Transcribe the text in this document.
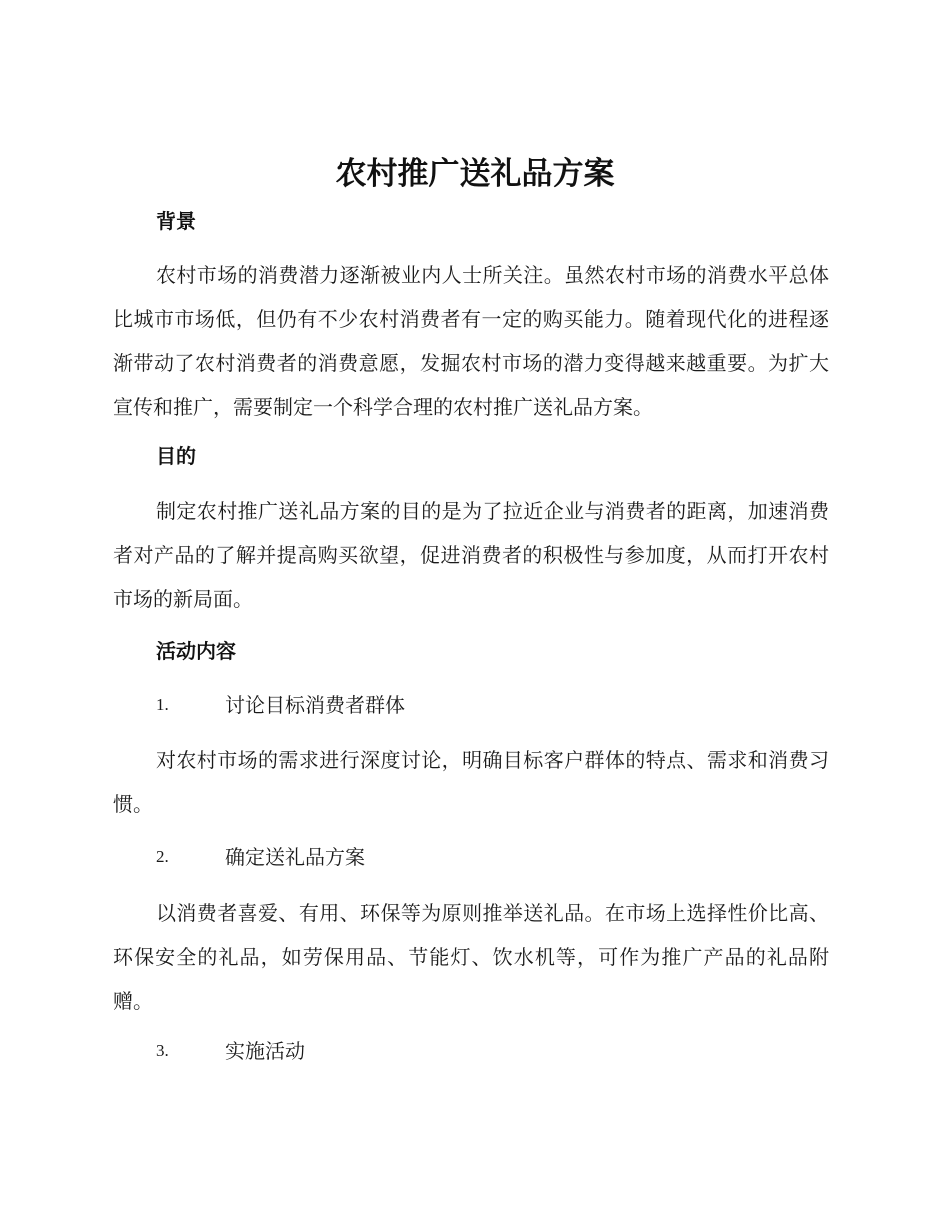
农村推广送礼品方案
背景

农村市场的消费潜力逐渐被业内人士所关注。虽然农村市场的消费水平总体比城市市场低，但仍有不少农村消费者有一定的购买能力。随着现代化的进程逐渐带动了农村消费者的消费意愿，发掘农村市场的潜力变得越来越重要。为扩大宣传和推广，需要制定一个科学合理的农村推广送礼品方案。

目的

制定农村推广送礼品方案的目的是为了拉近企业与消费者的距离，加速消费者对产品的了解并提高购买欲望，促进消费者的积极性与参加度，从而打开农村市场的新局面。

活动内容
1.	讨论目标消费者群体

对农村市场的需求进行深度讨论，明确目标客户群体的特点、需求和消费习惯。

2.	确定送礼品方案

以消费者喜爱、有用、环保等为原则推举送礼品。在市场上选择性价比高、环保安全的礼品，如劳保用品、节能灯、饮水机等，可作为推广产品的礼品附赠。

3.	实施活动
